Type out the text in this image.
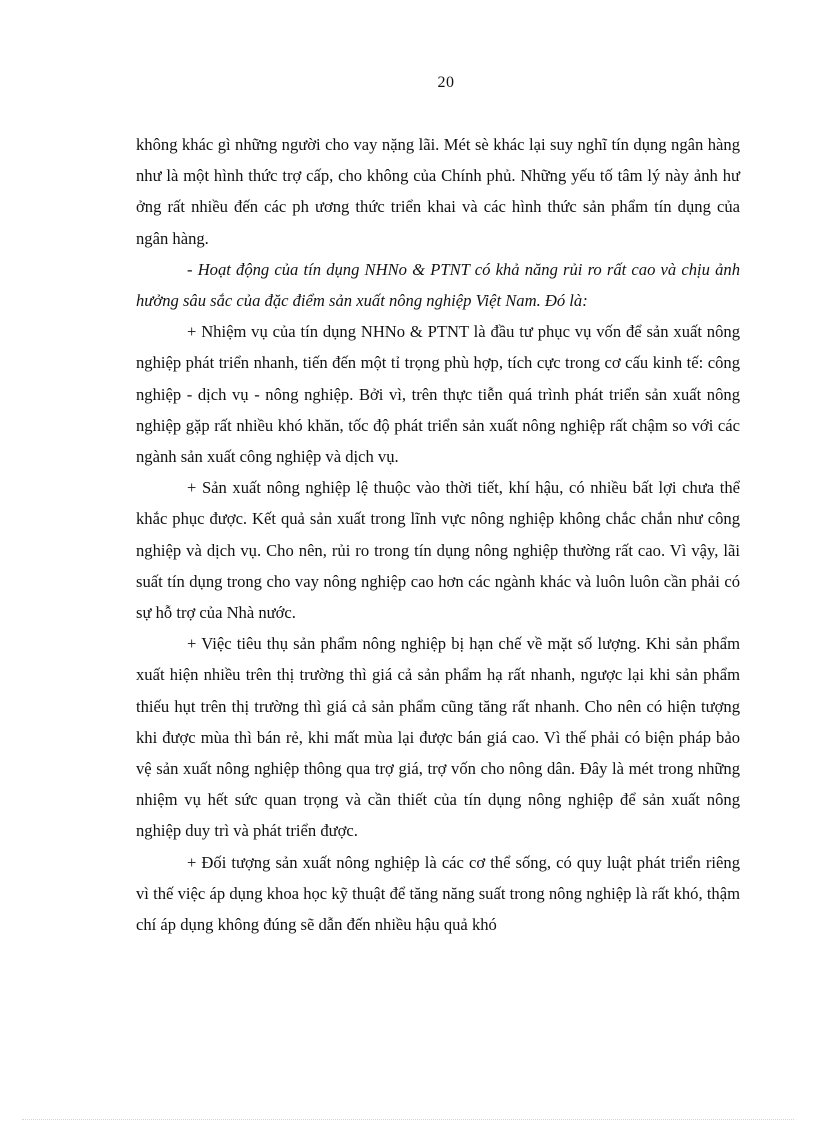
20

không khác gì những người cho vay nặng lãi. Mét sè khác lại suy nghĩ tín dụng ngân hàng như là một hình thức trợ cấp, cho không của Chính phủ. Những yếu tố tâm lý này ảnh hư ởng rất nhiều đến các ph ương thức triển khai và các hình thức sản phẩm tín dụng của ngân hàng.

- Hoạt động của tín dụng NHNo & PTNT có khả năng rủi ro rất cao và chịu ảnh hưởng sâu sắc của đặc điểm sản xuất nông nghiệp Việt Nam. Đó là:

+ Nhiệm vụ của tín dụng NHNo & PTNT là đầu tư phục vụ vốn để sản xuất nông nghiệp phát triển nhanh, tiến đến một tỉ trọng phù hợp, tích cực trong cơ cấu kinh tế: công nghiệp - dịch vụ - nông nghiệp. Bởi vì, trên thực tiễn quá trình phát triển sản xuất nông nghiệp gặp rất nhiều khó khăn, tốc độ phát triển sản xuất nông nghiệp rất chậm so với các ngành sản xuất công nghiệp và dịch vụ.

+ Sản xuất nông nghiệp lệ thuộc vào thời tiết, khí hậu, có nhiều bất lợi chưa thể khắc phục được. Kết quả sản xuất trong lĩnh vực nông nghiệp không chắc chắn như công nghiệp và dịch vụ. Cho nên, rủi ro trong tín dụng nông nghiệp thường rất cao. Vì vậy, lãi suất tín dụng trong cho vay nông nghiệp cao hơn các ngành khác và luôn luôn cần phải có sự hỗ trợ của Nhà nước.

+ Việc tiêu thụ sản phẩm nông nghiệp bị hạn chế về mặt số lượng. Khi sản phẩm xuất hiện nhiều trên thị trường thì giá cả sản phẩm hạ rất nhanh, ngược lại khi sản phẩm thiếu hụt trên thị trường thì giá cả sản phẩm cũng tăng rất nhanh. Cho nên có hiện tượng khi được mùa thì bán rẻ, khi mất mùa lại được bán giá cao. Vì thế phải có biện pháp bảo vệ sản xuất nông nghiệp thông qua trợ giá, trợ vốn cho nông dân. Đây là mét trong những nhiệm vụ hết sức quan trọng và cần thiết của tín dụng nông nghiệp để sản xuất nông nghiệp duy trì và phát triển được.

+ Đối tượng sản xuất nông nghiệp là các cơ thể sống, có quy luật phát triển riêng vì thế việc áp dụng khoa học kỹ thuật để tăng năng suất trong nông nghiệp là rất khó, thậm chí áp dụng không đúng sẽ dẫn đến nhiều hậu quả khó
